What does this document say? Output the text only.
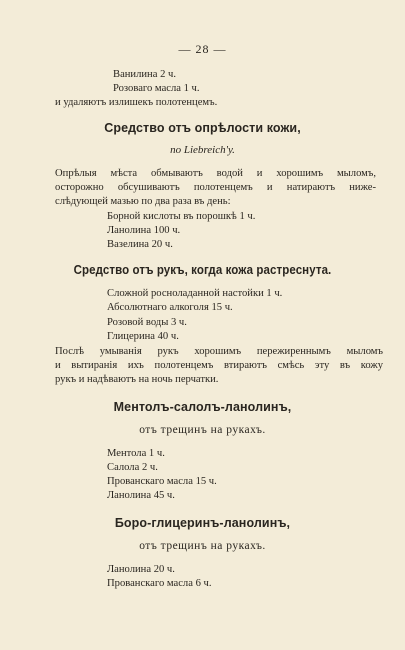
— 28 —
Ванилина 2 ч.
Розоваго масла 1 ч.
и удаляютъ излишекъ полотенцемъ.
Средство отъ опрѣлости кожи,
по Liebreich'у.
Опрѣлыя мѣста обмываютъ водой и хорошимъ мыломъ,
осторожно обсушиваютъ полотенцемъ и натираютъ ниже-
слѣдующей мазью по два раза въ день:
Борной кислоты въ порошкѣ 1 ч.
Ланолина 100 ч.
Вазелина 20 ч.
Средство отъ рукъ, когда кожа растреснута.
Сложной росноладанной настойки 1 ч.
Абсолютнаго алкоголя 15 ч.
Розовой воды 3 ч.
Глицерина 40 ч.
Послѣ умыванія рукъ хорошимъ пережиреннымъ мыломъ
и вытиранія ихъ полотенцемъ втираютъ смѣсь эту въ кожу
рукъ и надѣваютъ на ночь перчатки.
Ментолъ-салолъ-ланолинъ,
отъ трещинъ на рукахъ.
Ментола 1 ч.
Салола 2 ч.
Прованскаго масла 15 ч.
Ланолина 45 ч.
Боро-глицеринъ-ланолинъ,
отъ трещинъ на рукахъ.
Ланолина 20 ч.
Прованскаго масла 6 ч.
